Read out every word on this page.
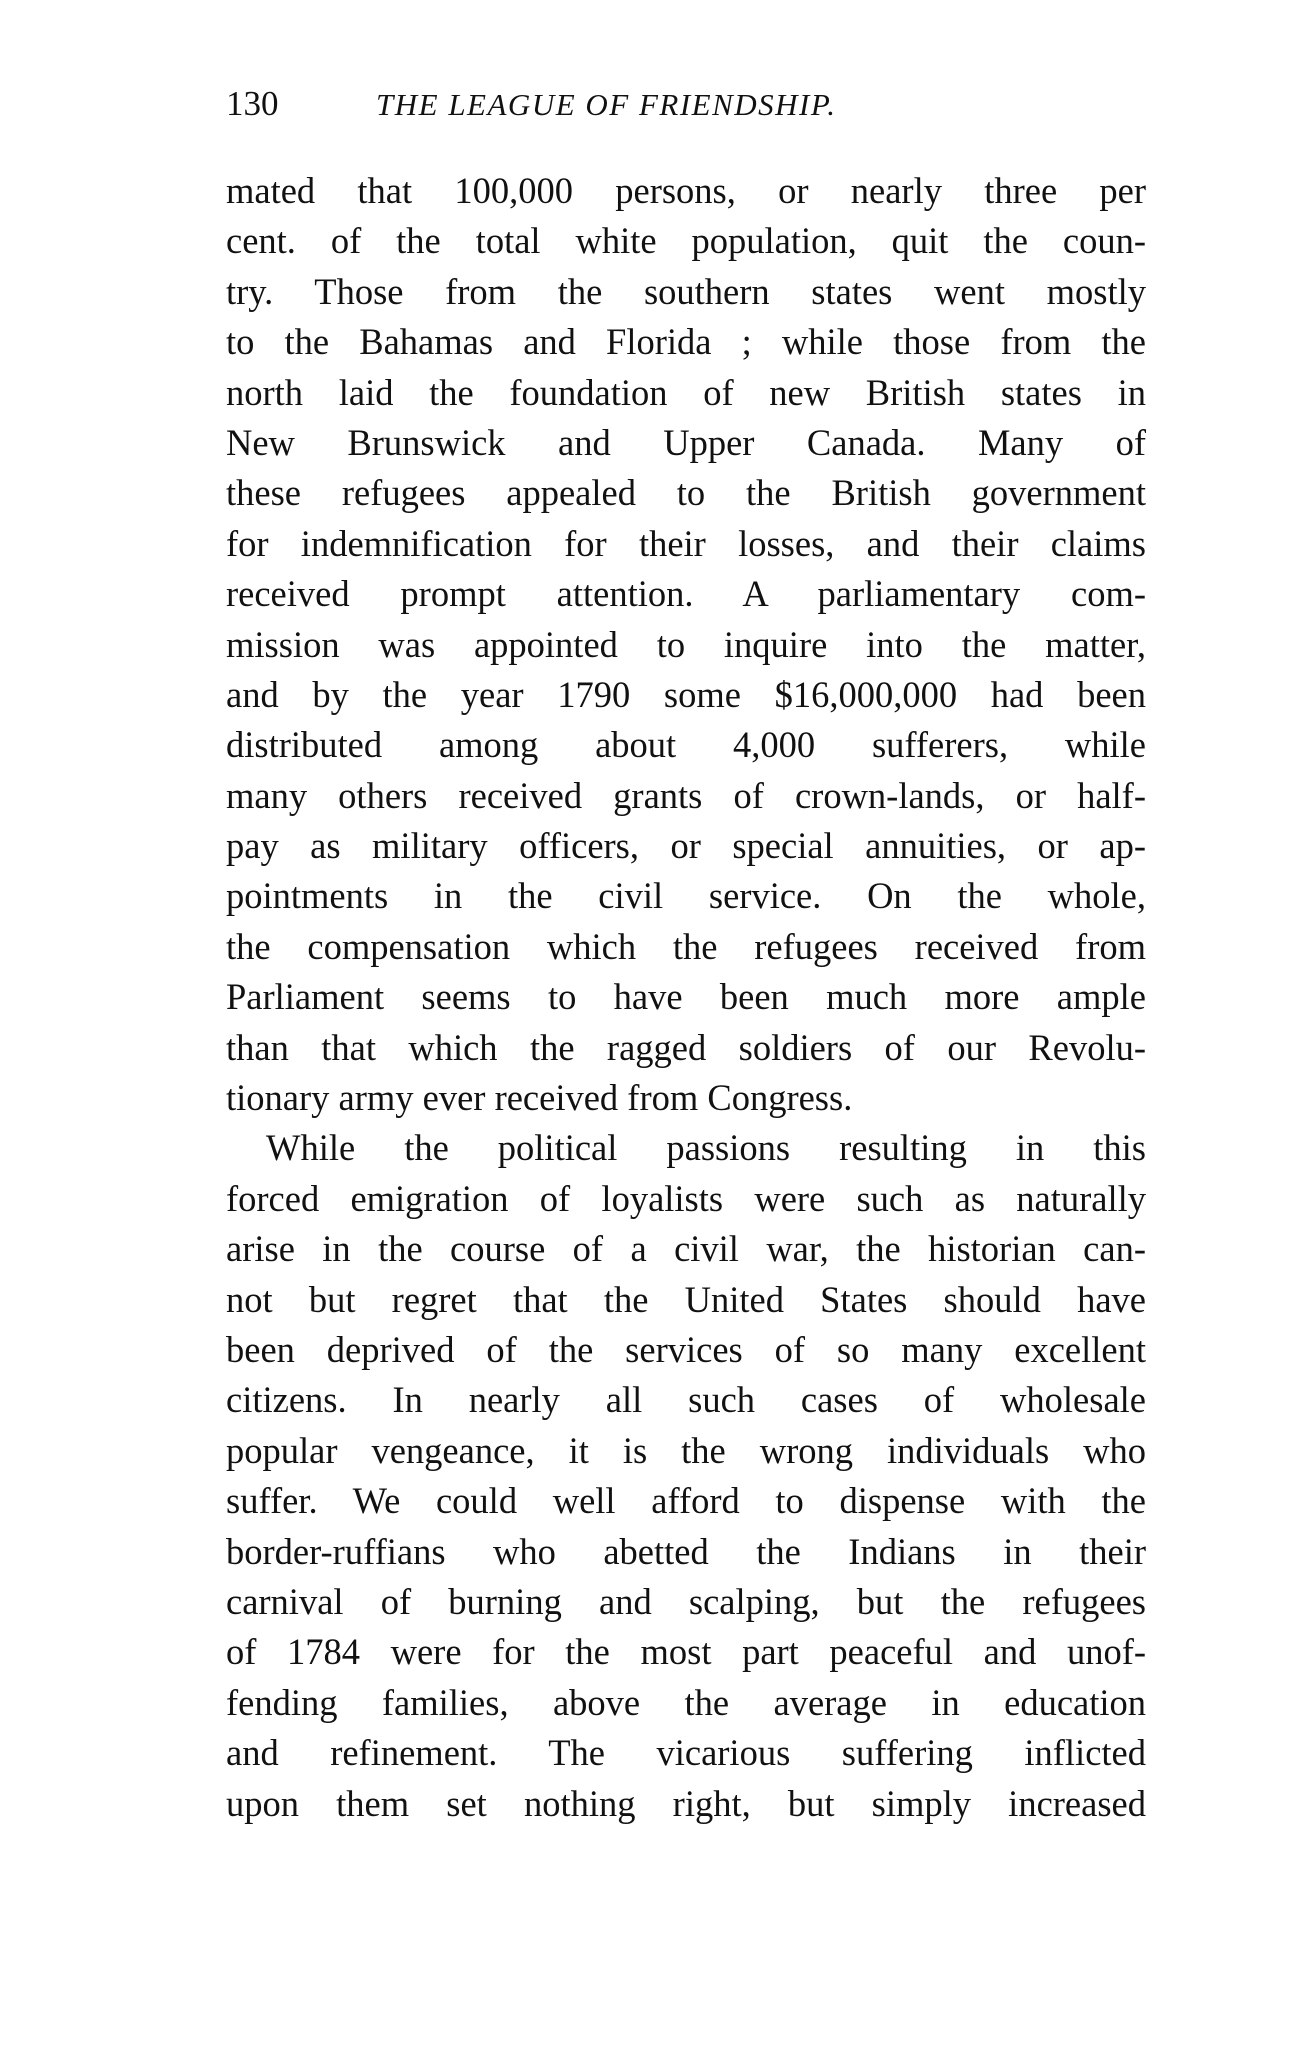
130	THE LEAGUE OF FRIENDSHIP.
mated that 100,000 persons, or nearly three per
cent. of the total white population, quit the coun-
try. Those from the southern states went mostly
to the Bahamas and Florida ; while those from the
north laid the foundation of new British states in
New Brunswick and Upper Canada. Many of
these refugees appealed to the British government
for indemnification for their losses, and their claims
received prompt attention. A parliamentary com-
mission was appointed to inquire into the matter,
and by the year 1790 some $16,000,000 had been
distributed among about 4,000 sufferers, while
many others received grants of crown-lands, or half-
pay as military officers, or special annuities, or ap-
pointments in the civil service. On the whole,
the compensation which the refugees received from
Parliament seems to have been much more ample
than that which the ragged soldiers of our Revolu-
tionary army ever received from Congress.
While the political passions resulting in this
forced emigration of loyalists were such as naturally
arise in the course of a civil war, the historian can-
not but regret that the United States should have
been deprived of the services of so many excellent
citizens. In nearly all such cases of wholesale
popular vengeance, it is the wrong individuals who
suffer. We could well afford to dispense with the
border-ruffians who abetted the Indians in their
carnival of burning and scalping, but the refugees
of 1784 were for the most part peaceful and unof-
fending families, above the average in education
and refinement. The vicarious suffering inflicted
upon them set nothing right, but simply increased
